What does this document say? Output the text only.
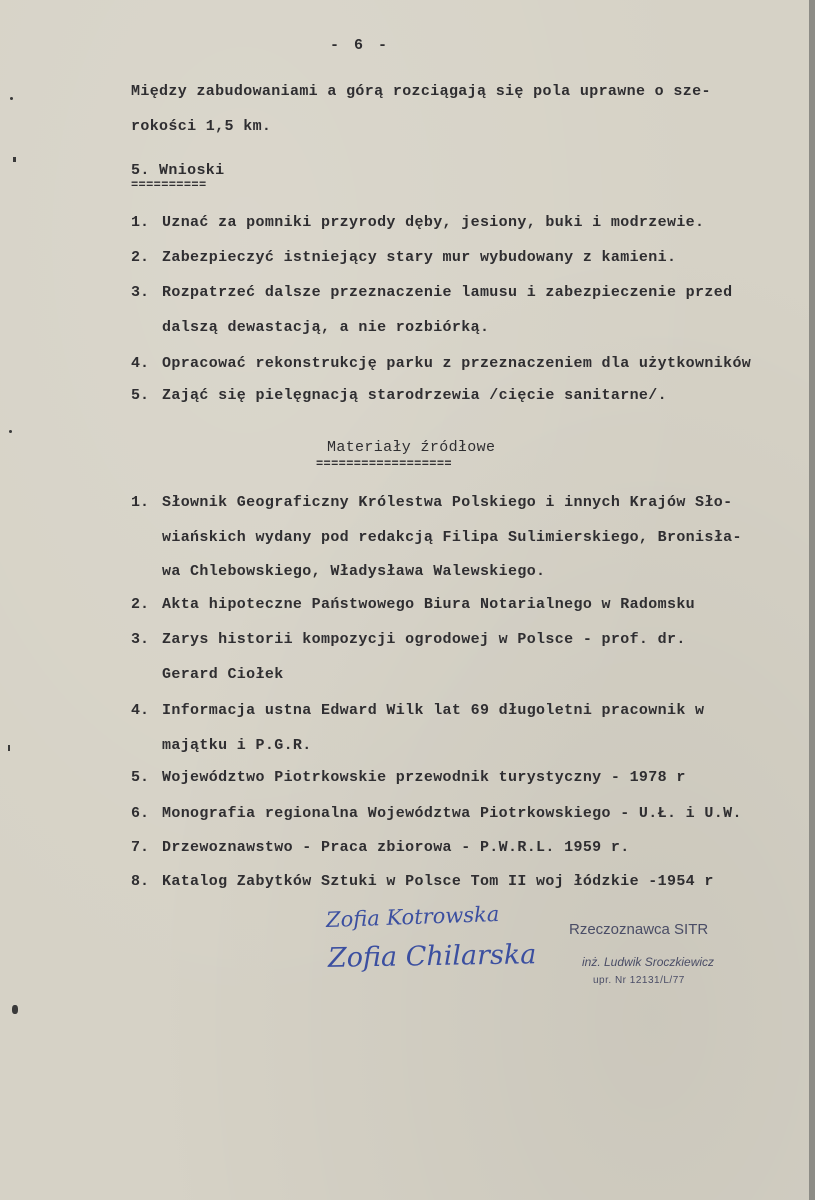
- 6 -
Między zabudowaniami a górą rozciągają się pola uprawne o sze-
rokości 1,5 km.
5. Wnioski
==========
1. Uznać za pomniki przyrody dęby, jesiony, buki i modrzewie.
2. Zabezpieczyć istniejący stary mur wybudowany z kamieni.
3. Rozpatrzeć dalsze przeznaczenie lamusu i zabezpieczenie przed
dalszą dewastacją, a nie rozbiórką.
4. Opracować rekonstrukcję parku z przeznaczeniem dla użytkowników
5. Zająć się pielęgnacją starodrzewia /cięcie sanitarne/.
Materiały źródłowe
==================
1. Słownik Geograficzny Królestwa Polskiego i innych Krajów Sło-
wiańskich wydany pod redakcją Filipa Sulimierskiego, Bronisła-
wa Chlebowskiego, Władysława Walewskiego.
2. Akta hipoteczne Państwowego Biura Notarialnego w Radomsku
3. Zarys historii kompozycji ogrodowej w Polsce - prof. dr.
Gerard Ciołek
4. Informacja ustna Edward Wilk lat 69 długoletni pracownik w
majątku i P.G.R.
5. Województwo Piotrkowskie przewodnik turystyczny - 1978 r
6. Monografia regionalna Województwa Piotrkowskiego - U.Ł. i U.W.
7. Drzewoznawstwo - Praca zbiorowa - P.W.R.L. 1959 r.
8. Katalog Zabytków Sztuki w Polsce Tom II woj łódzkie -1954 r
Zofia Kotrowska
Zofia Chilarska
Rzeczoznawca SITR
inż. Ludwik Sroczkiewicz
upr. Nr 12131/L/77
